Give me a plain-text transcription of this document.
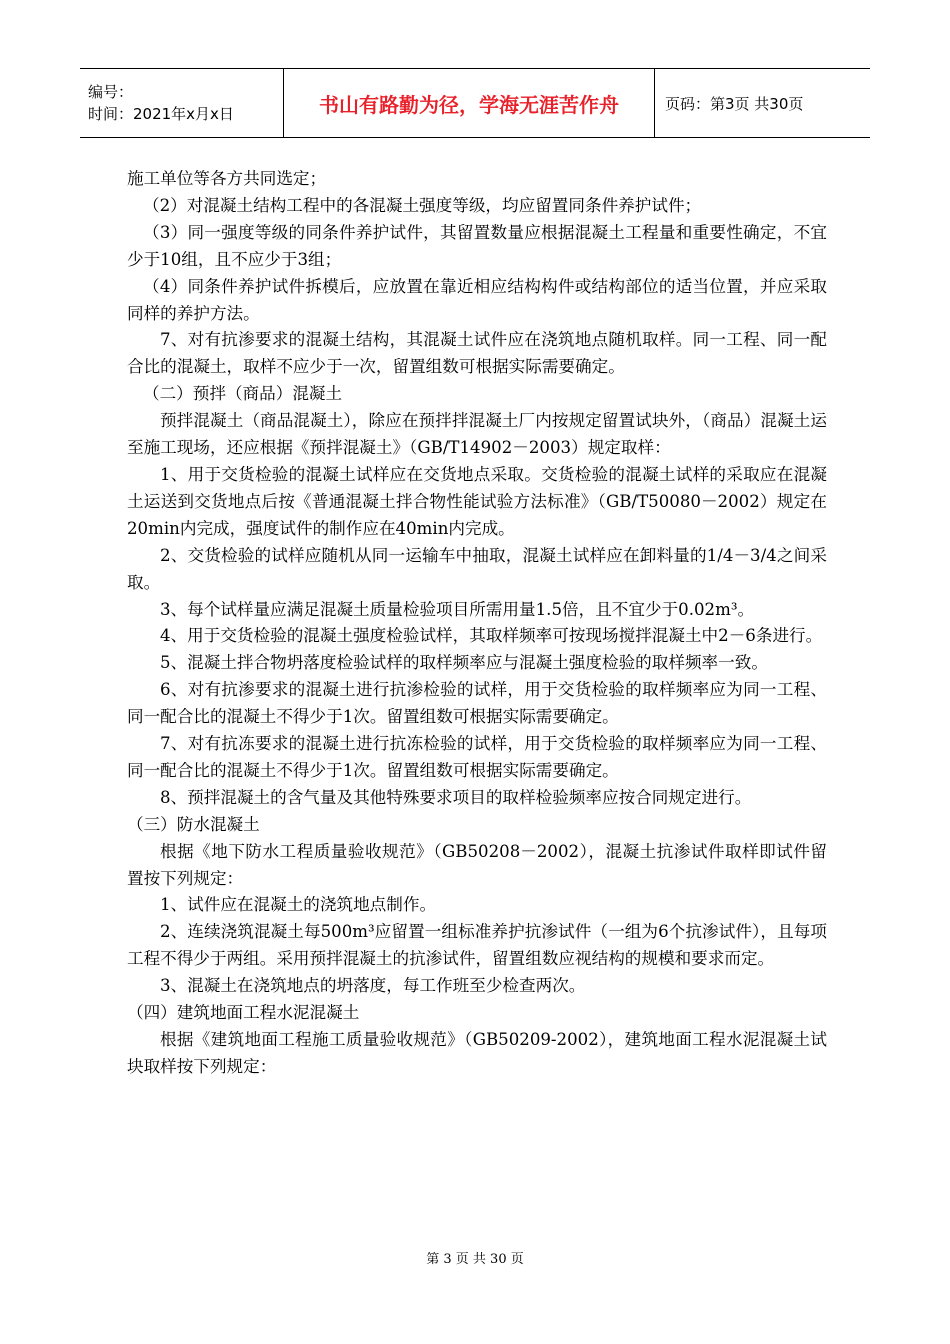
编号：
时间：2021年x月x日	书山有路勤为径，学海无涯苦作舟	页码：第3页 共30页

施工单位等各方共同选定；

（2）对混凝土结构工程中的各混凝土强度等级，均应留置同条件养护试件；

（3）同一强度等级的同条件养护试件，其留置数量应根据混凝土工程量和重要性确定，不宜少于10组，且不应少于3组；

（4）同条件养护试件拆模后，应放置在靠近相应结构构件或结构部位的适当位置，并应采取同样的养护方法。

7、对有抗渗要求的混凝土结构，其混凝土试件应在浇筑地点随机取样。同一工程、同一配合比的混凝土，取样不应少于一次，留置组数可根据实际需要确定。

（二）预拌（商品）混凝土

预拌混凝土（商品混凝土），除应在预拌拌混凝土厂内按规定留置试块外，（商品）混凝土运至施工现场，还应根据《预拌混凝土》（GB/T14902－2003）规定取样：

1、用于交货检验的混凝土试样应在交货地点采取。交货检验的混凝土试样的采取应在混凝土运送到交货地点后按《普通混凝土拌合物性能试验方法标准》（GB/T50080－2002）规定在20min内完成，强度试件的制作应在40min内完成。

2、交货检验的试样应随机从同一运输车中抽取，混凝土试样应在卸料量的1/4－3/4之间采取。

3、每个试样量应满足混凝土质量检验项目所需用量1.5倍，且不宜少于0.02m³。

4、用于交货检验的混凝土强度检验试样，其取样频率可按现场搅拌混凝土中2－6条进行。

5、混凝土拌合物坍落度检验试样的取样频率应与混凝土强度检验的取样频率一致。

6、对有抗渗要求的混凝土进行抗渗检验的试样，用于交货检验的取样频率应为同一工程、同一配合比的混凝土不得少于1次。留置组数可根据实际需要确定。

7、对有抗冻要求的混凝土进行抗冻检验的试样，用于交货检验的取样频率应为同一工程、同一配合比的混凝土不得少于1次。留置组数可根据实际需要确定。

8、预拌混凝土的含气量及其他特殊要求项目的取样检验频率应按合同规定进行。

（三）防水混凝土

根据《地下防水工程质量验收规范》（GB50208－2002），混凝土抗渗试件取样即试件留置按下列规定：

1、试件应在混凝土的浇筑地点制作。

2、连续浇筑混凝土每500m³应留置一组标准养护抗渗试件（一组为6个抗渗试件），且每项工程不得少于两组。采用预拌混凝土的抗渗试件，留置组数应视结构的规模和要求而定。

3、混凝土在浇筑地点的坍落度，每工作班至少检查两次。

（四）建筑地面工程水泥混凝土

根据《建筑地面工程施工质量验收规范》（GB50209-2002），建筑地面工程水泥混凝土试块取样按下列规定：

第 3 页 共 30 页
